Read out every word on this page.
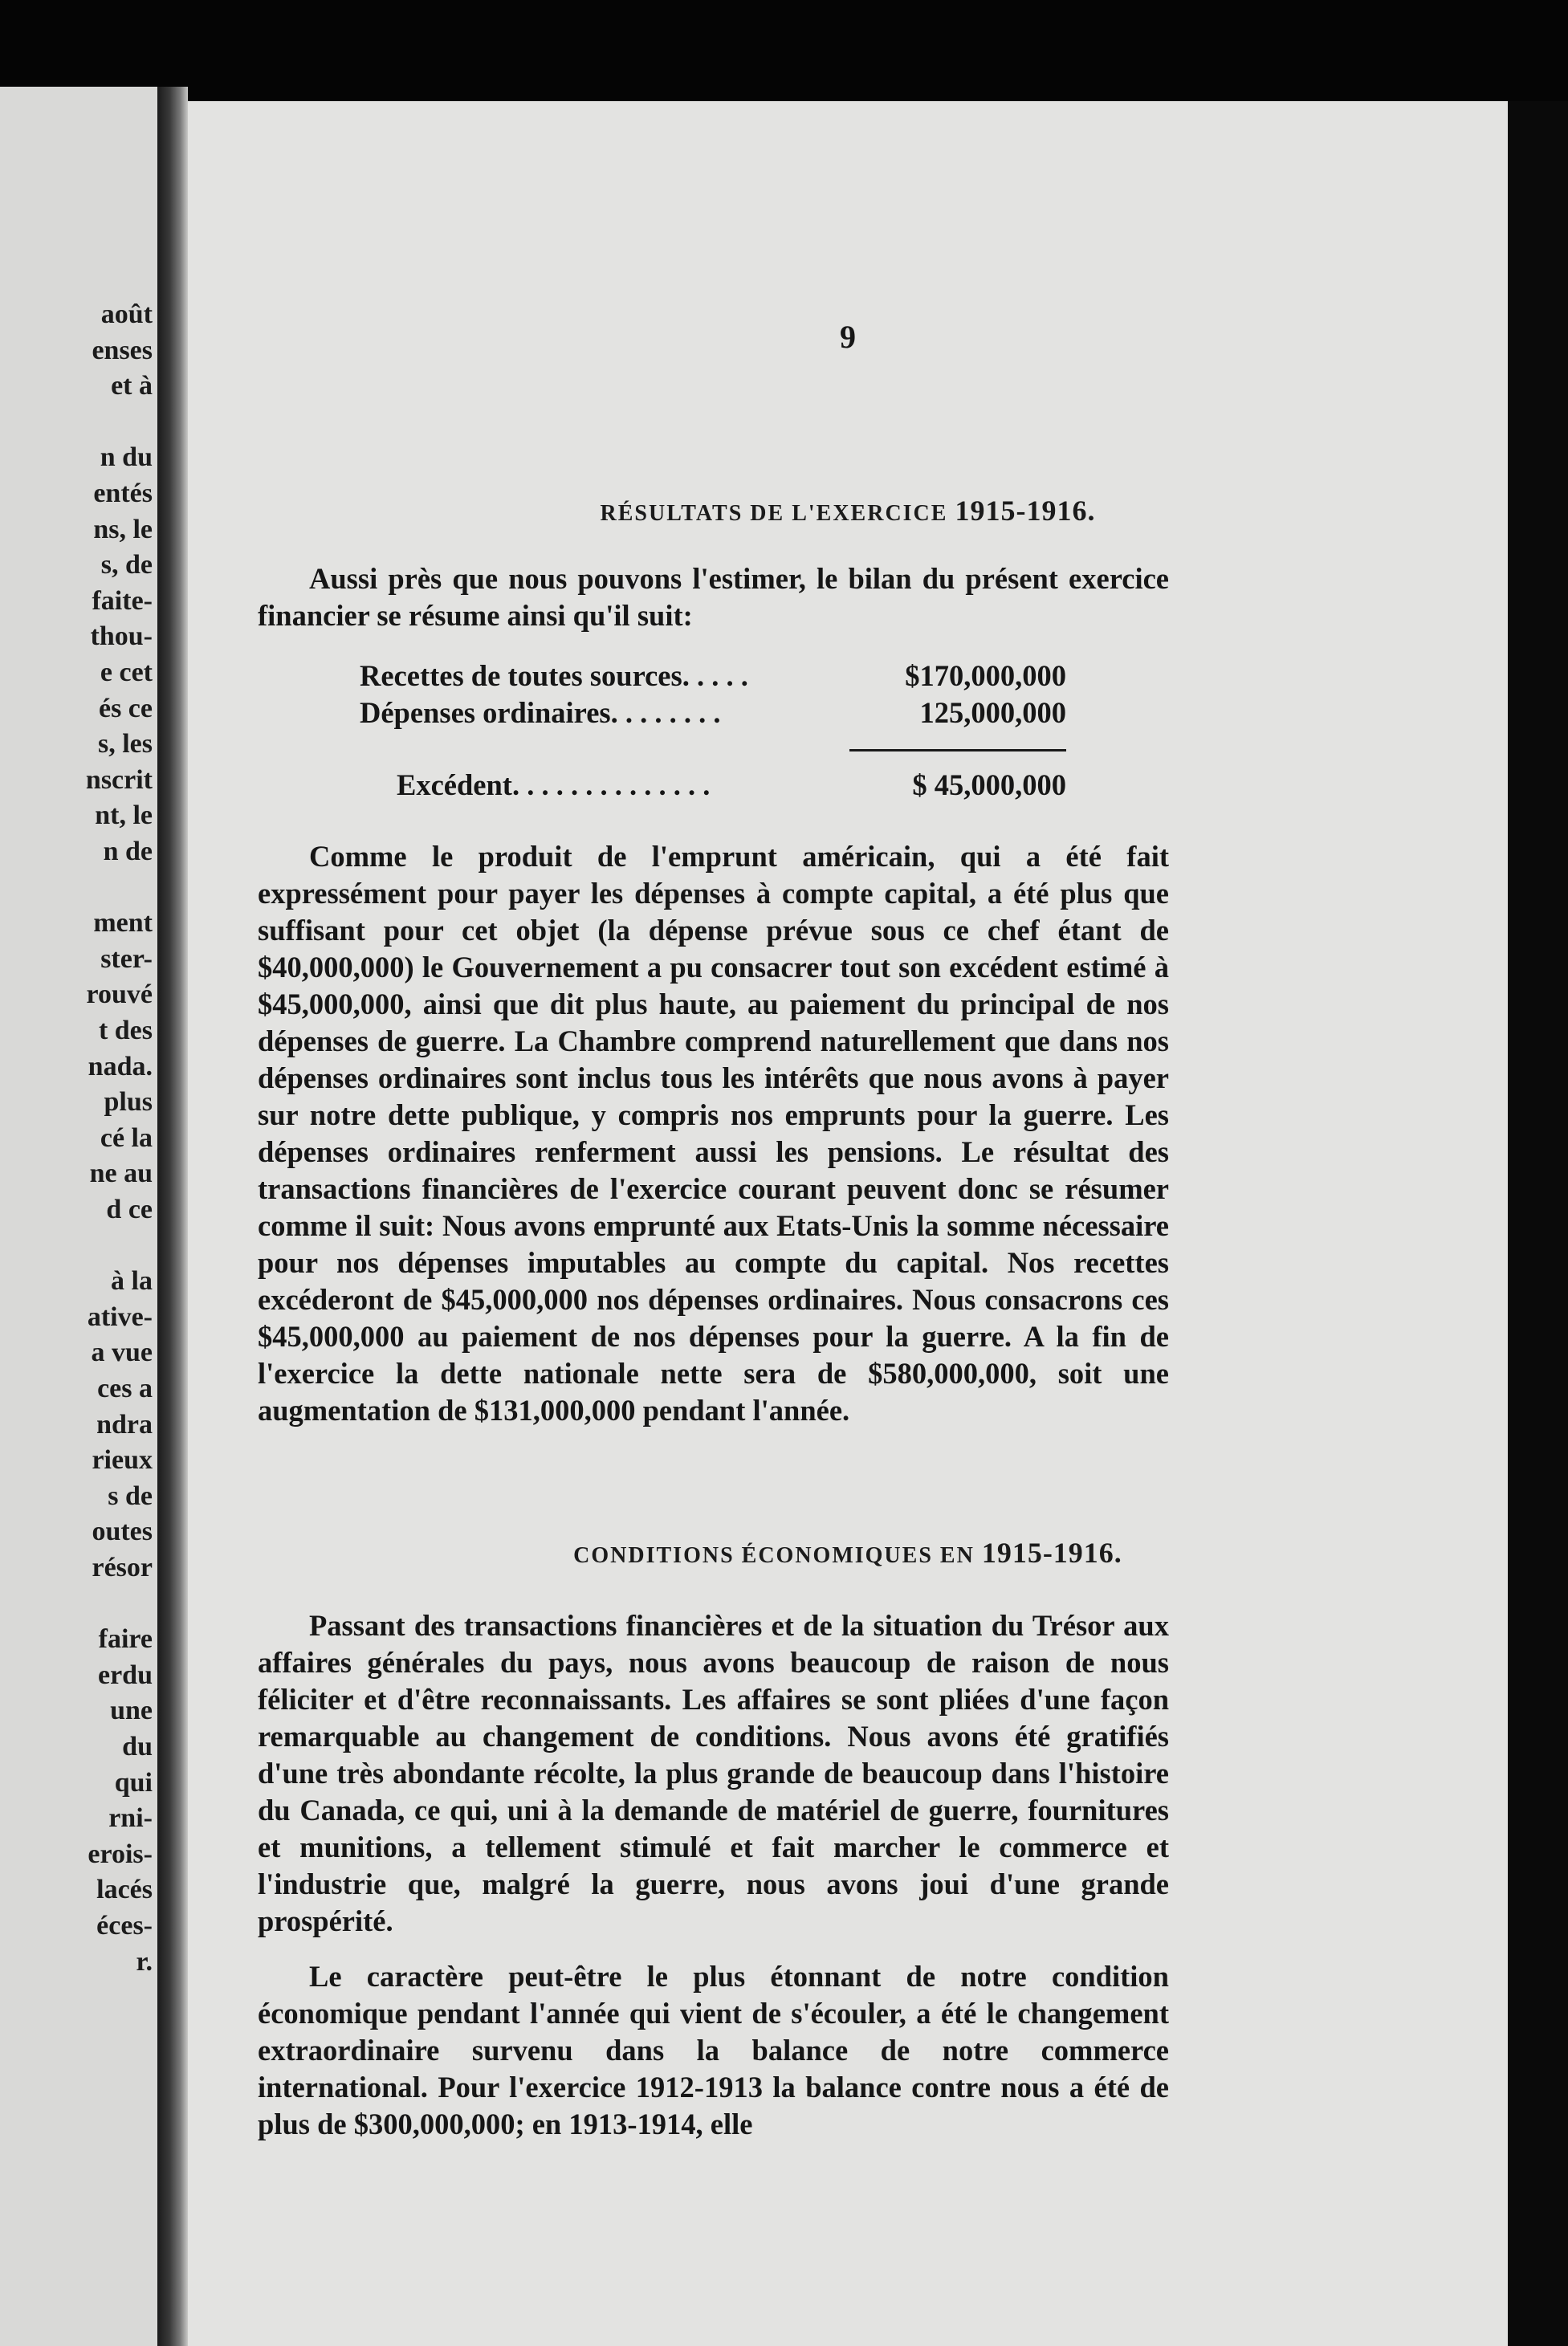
août
enses
et à
n du
entés
ns, le
s, de
faite-
thou-
e cet
és ce
s, les
nscrit
nt, le
n de
ment
ster-
rouvé
t des
nada.
plus
cé la
ne au
d ce
à la
ative-
a vue
ces a
ndra
rieux
s de
outes
résor
faire
erdu
une
du
qui
rni-
erois-
lacés
éces-
r.
9
RÉSULTATS DE L'EXERCICE 1915-1916.

Aussi près que nous pouvons l'estimer, le bilan du présent exercice financier se résume ainsi qu'il suit:

Recettes de toutes sources. . . . .	$170,000,000
Dépenses ordinaires. . . . . . . .	125,000,000
Excédent. . . . . . . . . . . . . .	$ 45,000,000

Comme le produit de l'emprunt américain, qui a été fait expressément pour payer les dépenses à compte capital, a été plus que suffisant pour cet objet (la dépense prévue sous ce chef étant de $40,000,000) le Gouvernement a pu consacrer tout son excédent estimé à $45,000,000, ainsi que dit plus haute, au paiement du principal de nos dépenses de guerre. La Chambre comprend naturellement que dans nos dépenses ordinaires sont inclus tous les intérêts que nous avons à payer sur notre dette publique, y compris nos emprunts pour la guerre. Les dépenses ordinaires renferment aussi les pensions. Le résultat des transactions financières de l'exercice courant peuvent donc se résumer comme il suit: Nous avons emprunté aux Etats-Unis la somme nécessaire pour nos dépenses imputables au compte du capital. Nos recettes excéderont de $45,000,000 nos dépenses ordinaires. Nous consacrons ces $45,000,000 au paiement de nos dépenses pour la guerre. A la fin de l'exercice la dette nationale nette sera de $580,000,000, soit une augmentation de $131,000,000 pendant l'année.

CONDITIONS ÉCONOMIQUES EN 1915-1916.

Passant des transactions financières et de la situation du Trésor aux affaires générales du pays, nous avons beaucoup de raison de nous féliciter et d'être reconnaissants. Les affaires se sont pliées d'une façon remarquable au changement de conditions. Nous avons été gratifiés d'une très abondante récolte, la plus grande de beaucoup dans l'histoire du Canada, ce qui, uni à la demande de matériel de guerre, fournitures et munitions, a tellement stimulé et fait marcher le commerce et l'industrie que, malgré la guerre, nous avons joui d'une grande prospérité.

Le caractère peut-être le plus étonnant de notre condition économique pendant l'année qui vient de s'écouler, a été le changement extraordinaire survenu dans la balance de notre commerce international. Pour l'exercice 1912-1913 la balance contre nous a été de plus de $300,000,000; en 1913-1914, elle
